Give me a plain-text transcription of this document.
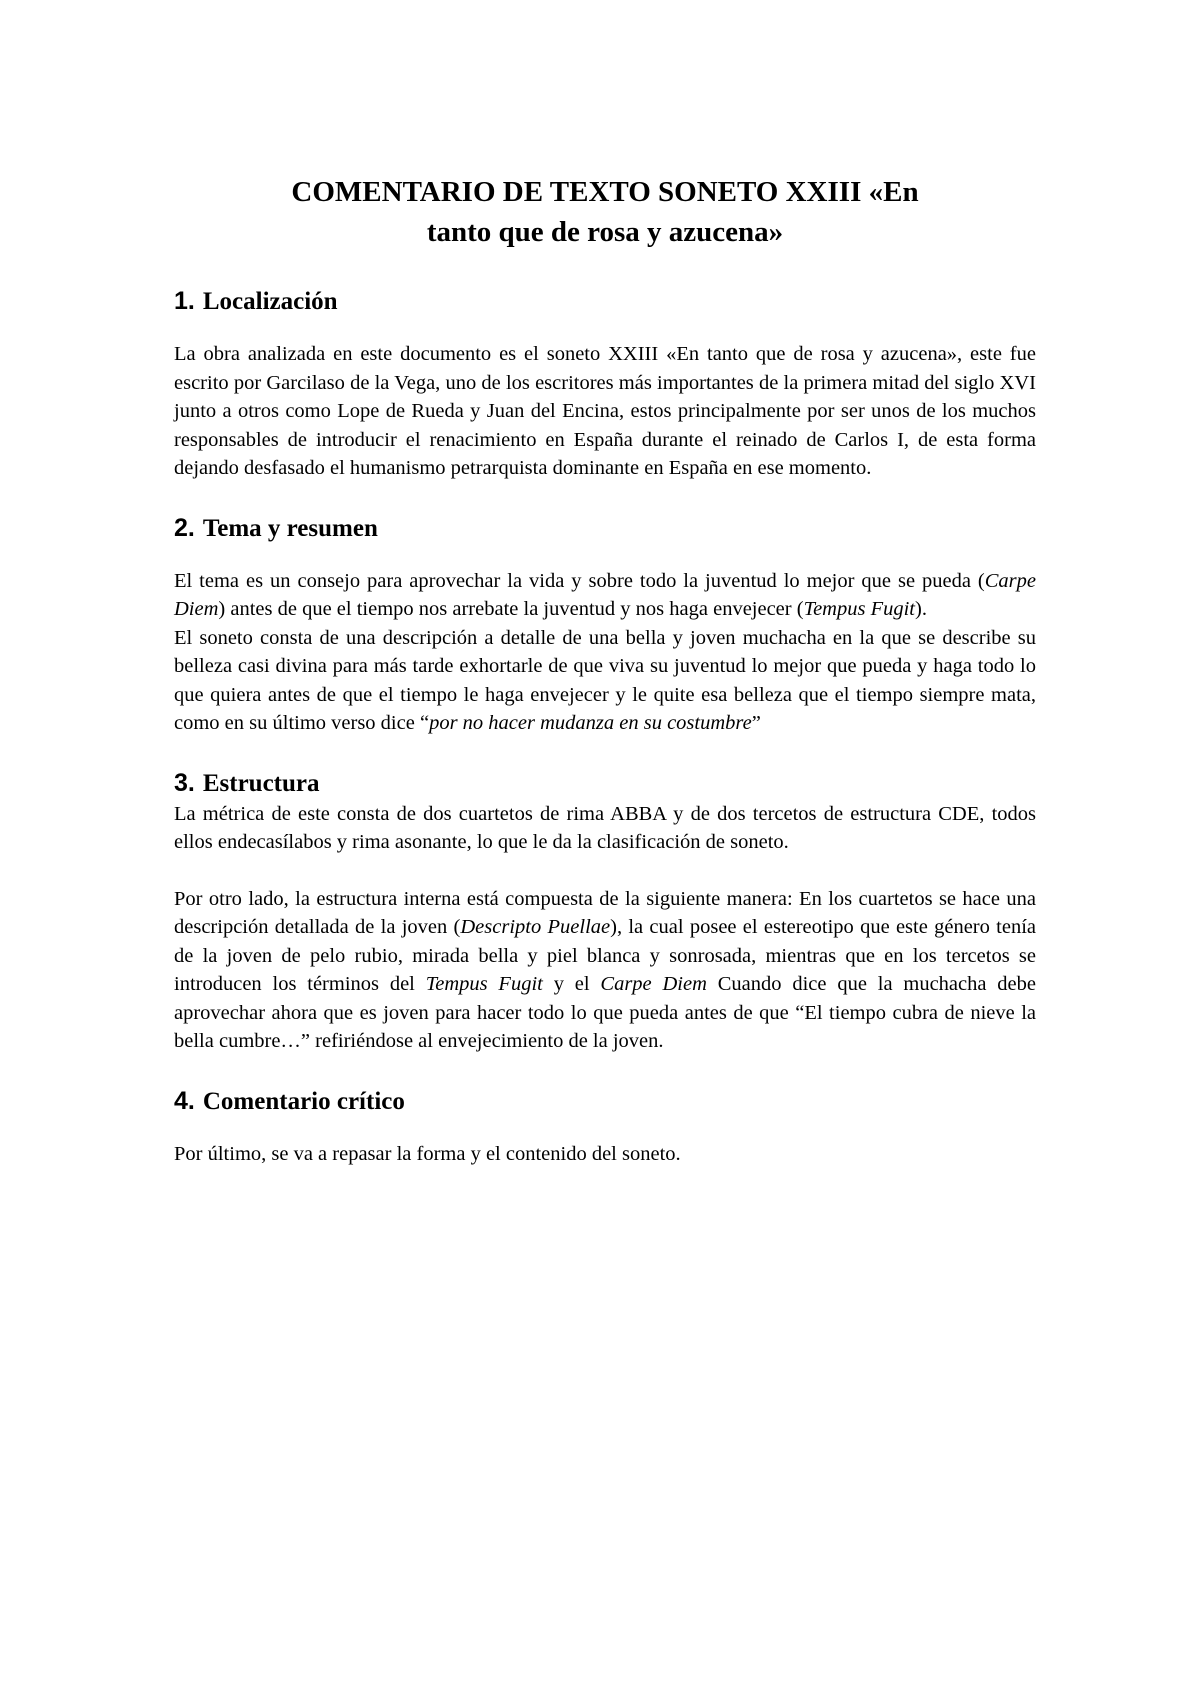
COMENTARIO DE TEXTO SONETO XXIII «En
tanto que de rosa y azucena»
1. Localización

La obra analizada en este documento es el soneto XXIII «En tanto que de rosa y azucena», este fue escrito por Garcilaso de la Vega, uno de los escritores más importantes de la primera mitad del siglo XVI junto a otros como Lope de Rueda y Juan del Encina, estos principalmente por ser unos de los muchos responsables de introducir el renacimiento en España durante el reinado de Carlos I, de esta forma dejando desfasado el humanismo petrarquista dominante en España en ese momento.

2. Tema y resumen

El tema es un consejo para aprovechar la vida y sobre todo la juventud lo mejor que se pueda (Carpe Diem) antes de que el tiempo nos arrebate la juventud y nos haga envejecer (Tempus Fugit).

El soneto consta de una descripción a detalle de una bella y joven muchacha en la que se describe su belleza casi divina para más tarde exhortarle de que viva su juventud lo mejor que pueda y haga todo lo que quiera antes de que el tiempo le haga envejecer y le quite esa belleza que el tiempo siempre mata, como en su último verso dice “por no hacer mudanza en su costumbre”

3. Estructura

La métrica de este consta de dos cuartetos de rima ABBA y de dos tercetos de estructura CDE, todos ellos endecasílabos y rima asonante, lo que le da la clasificación de soneto.

Por otro lado, la estructura interna está compuesta de la siguiente manera: En los cuartetos se hace una descripción detallada de la joven (Descripto Puellae), la cual posee el estereotipo que este género tenía de la joven de pelo rubio, mirada bella y piel blanca y sonrosada, mientras que en los tercetos se introducen los términos del Tempus Fugit y el Carpe Diem Cuando dice que la muchacha debe aprovechar ahora que es joven para hacer todo lo que pueda antes de que “El tiempo cubra de nieve la bella cumbre…” refiriéndose al envejecimiento de la joven.

4. Comentario crítico

Por último, se va a repasar la forma y el contenido del soneto.
